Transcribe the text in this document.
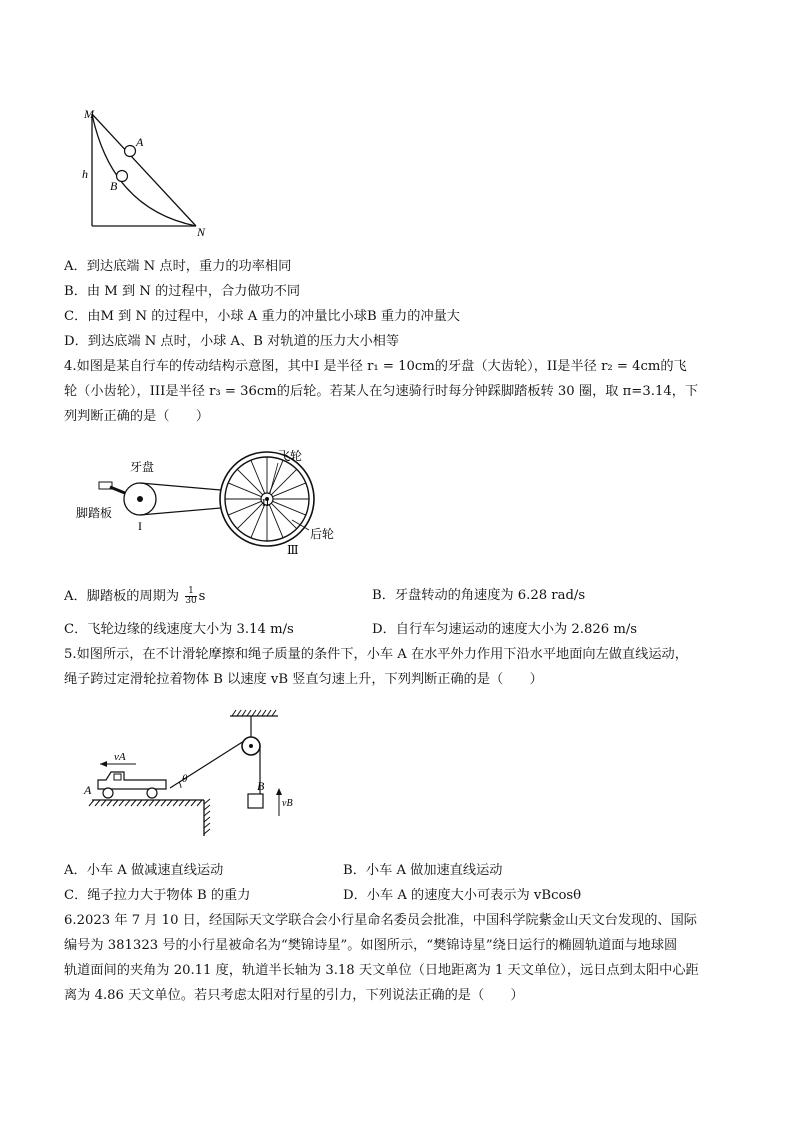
M
A
B
h
N
A．到达底端 N 点时，重力的功率相同
B．由 M 到 N 的过程中，合力做功不同
C．由M 到 N 的过程中，小球 A 重力的冲量比小球B 重力的冲量大
D．到达底端 N 点时，小球 A、B 对轨道的压力大小相等
4.如图是某自行车的传动结构示意图，其中I 是半径 r₁ = 10cm的牙盘（大齿轮），II是半径 r₂ = 4cm的飞
轮（小齿轮），III是半径 r₃ = 36cm的后轮。若某人在匀速骑行时每分钟踩脚踏板转 30 圈，取 π=3.14，下
列判断正确的是（　　）
牙盘
脚踏板
I
飞轮
II
后轮
Ⅲ
A．脚踏板的周期为 $\frac{1}{30}$ s	B．牙盘转动的角速度为 6.28 rad/s
C．飞轮边缘的线速度大小为 3.14 m/s	D．自行车匀速运动的速度大小为 2.826 m/s
5.如图所示，在不计滑轮摩擦和绳子质量的条件下，小车 A 在水平外力作用下沿水平地面向左做直线运动，
绳子跨过定滑轮拉着物体 B 以速度 vB 竖直匀速上升，下列判断正确的是（　　）
vA
A
θ	B
vB
A．小车 A 做减速直线运动	B．小车 A 做加速直线运动
C．绳子拉力大于物体 B 的重力	D．小车 A 的速度大小可表示为 vBcosθ
6.2023 年 7 月 10 日，经国际天文学联合会小行星命名委员会批准，中国科学院紫金山天文台发现的、国际
编号为 381323 号的小行星被命名为“樊锦诗星”。如图所示，“樊锦诗星”绕日运行的椭圆轨道面与地球圆
轨道面间的夹角为 20.11 度，轨道半长轴为 3.18 天文单位（日地距离为 1 天文单位），远日点到太阳中心距
离为 4.86 天文单位。若只考虑太阳对行星的引力，下列说法正确的是（　　）
